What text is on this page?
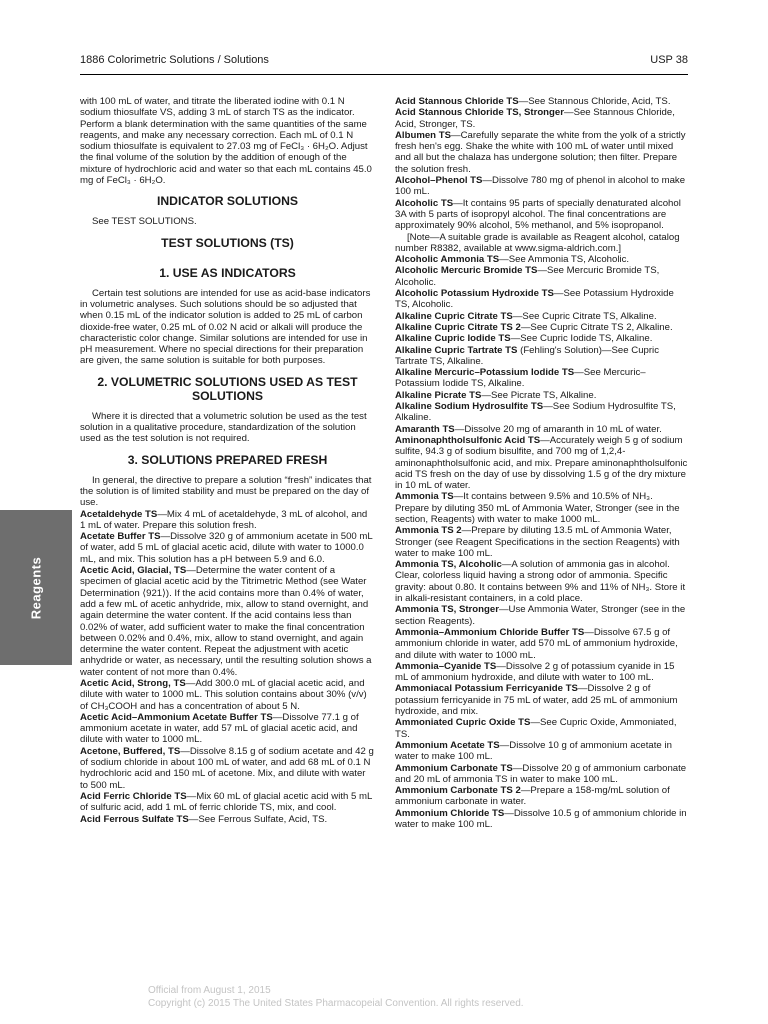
1886 Colorimetric Solutions / Solutions	USP 38

with 100 mL of water, and titrate the liberated iodine with 0.1 N sodium thiosulfate VS, adding 3 mL of starch TS as the indicator. Perform a blank determination with the same quantities of the same reagents, and make any necessary correction. Each mL of 0.1 N sodium thiosulfate is equivalent to 27.03 mg of FeCl₃ · 6H₂O. Adjust the final volume of the solution by the addition of enough of the mixture of hydrochloric acid and water so that each mL contains 45.0 mg of FeCl₃ · 6H₂O.

INDICATOR SOLUTIONS

See TEST SOLUTIONS.

TEST SOLUTIONS (TS)
1. USE AS INDICATORS

Certain test solutions are intended for use as acid-base indicators in volumetric analyses. Such solutions should be so adjusted that when 0.15 mL of the indicator solution is added to 25 mL of carbon dioxide-free water, 0.25 mL of 0.02 N acid or alkali will produce the characteristic color change. Similar solutions are intended for use in pH measurement. Where no special directions for their preparation are given, the same solution is suitable for both purposes.

2. VOLUMETRIC SOLUTIONS USED AS TEST SOLUTIONS

Where it is directed that a volumetric solution be used as the test solution in a qualitative procedure, standardization of the solution used as the test solution is not required.

3. SOLUTIONS PREPARED FRESH

In general, the directive to prepare a solution “fresh” indicates that the solution is of limited stability and must be prepared on the day of use.

Acetaldehyde TS—Mix 4 mL of acetaldehyde, 3 mL of alcohol, and 1 mL of water. Prepare this solution fresh.

Acetate Buffer TS—Dissolve 320 g of ammonium acetate in 500 mL of water, add 5 mL of glacial acetic acid, dilute with water to 1000.0 mL, and mix. This solution has a pH between 5.9 and 6.0.

Acetic Acid, Glacial, TS—Determine the water content of a specimen of glacial acetic acid by the Titrimetric Method (see Water Determination ⟨921⟩). If the acid contains more than 0.4% of water, add a few mL of acetic anhydride, mix, allow to stand overnight, and again determine the water content. If the acid contains less than 0.02% of water, add sufficient water to make the final concentration between 0.02% and 0.4%, mix, allow to stand overnight, and again determine the water content. Repeat the adjustment with acetic anhydride or water, as necessary, until the resulting solution shows a water content of not more than 0.4%.

Acetic Acid, Strong, TS—Add 300.0 mL of glacial acetic acid, and dilute with water to 1000 mL. This solution contains about 30% (v/v) of CH₃COOH and has a concentration of about 5 N.

Acetic Acid–Ammonium Acetate Buffer TS—Dissolve 77.1 g of ammonium acetate in water, add 57 mL of glacial acetic acid, and dilute with water to 1000 mL.

Acetone, Buffered, TS—Dissolve 8.15 g of sodium acetate and 42 g of sodium chloride in about 100 mL of water, and add 68 mL of 0.1 N hydrochloric acid and 150 mL of acetone. Mix, and dilute with water to 500 mL.

Acid Ferric Chloride TS—Mix 60 mL of glacial acetic acid with 5 mL of sulfuric acid, add 1 mL of ferric chloride TS, mix, and cool.

Acid Ferrous Sulfate TS—See Ferrous Sulfate, Acid, TS.

Acid Stannous Chloride TS—See Stannous Chloride, Acid, TS.

Acid Stannous Chloride TS, Stronger—See Stannous Chloride, Acid, Stronger, TS.

Albumen TS—Carefully separate the white from the yolk of a strictly fresh hen's egg. Shake the white with 100 mL of water until mixed and all but the chalaza has undergone solution; then filter. Prepare the solution fresh.

Alcohol–Phenol TS—Dissolve 780 mg of phenol in alcohol to make 100 mL.

Alcoholic TS—It contains 95 parts of specially denaturated alcohol 3A with 5 parts of isopropyl alcohol. The final concentrations are approximately 90% alcohol, 5% methanol, and 5% isopropanol.

[Note—A suitable grade is available as Reagent alcohol, catalog number R8382, available at www.sigma-aldrich.com.]

Alcoholic Ammonia TS—See Ammonia TS, Alcoholic.

Alcoholic Mercuric Bromide TS—See Mercuric Bromide TS, Alcoholic.

Alcoholic Potassium Hydroxide TS—See Potassium Hydroxide TS, Alcoholic.

Alkaline Cupric Citrate TS—See Cupric Citrate TS, Alkaline.

Alkaline Cupric Citrate TS 2—See Cupric Citrate TS 2, Alkaline.

Alkaline Cupric Iodide TS—See Cupric Iodide TS, Alkaline.

Alkaline Cupric Tartrate TS (Fehling's Solution)—See Cupric Tartrate TS, Alkaline.

Alkaline Mercuric–Potassium Iodide TS—See Mercuric–Potassium Iodide TS, Alkaline.

Alkaline Picrate TS—See Picrate TS, Alkaline.

Alkaline Sodium Hydrosulfite TS—See Sodium Hydrosulfite TS, Alkaline.

Amaranth TS—Dissolve 20 mg of amaranth in 10 mL of water.

Aminonaphtholsulfonic Acid TS—Accurately weigh 5 g of sodium sulfite, 94.3 g of sodium bisulfite, and 700 mg of 1,2,4-aminonaphtholsulfonic acid, and mix. Prepare aminonaphtholsulfonic acid TS fresh on the day of use by dissolving 1.5 g of the dry mixture in 10 mL of water.

Ammonia TS—It contains between 9.5% and 10.5% of NH₃. Prepare by diluting 350 mL of Ammonia Water, Stronger (see in the section, Reagents) with water to make 1000 mL.

Ammonia TS 2—Prepare by diluting 13.5 mL of Ammonia Water, Stronger (see Reagent Specifications in the section Reagents) with water to make 100 mL.

Ammonia TS, Alcoholic—A solution of ammonia gas in alcohol. Clear, colorless liquid having a strong odor of ammonia. Specific gravity: about 0.80. It contains between 9% and 11% of NH₃. Store it in alkali-resistant containers, in a cold place.

Ammonia TS, Stronger—Use Ammonia Water, Stronger (see in the section Reagents).

Ammonia–Ammonium Chloride Buffer TS—Dissolve 67.5 g of ammonium chloride in water, add 570 mL of ammonium hydroxide, and dilute with water to 1000 mL.

Ammonia–Cyanide TS—Dissolve 2 g of potassium cyanide in 15 mL of ammonium hydroxide, and dilute with water to 100 mL.

Ammoniacal Potassium Ferricyanide TS—Dissolve 2 g of potassium ferricyanide in 75 mL of water, add 25 mL of ammonium hydroxide, and mix.

Ammoniated Cupric Oxide TS—See Cupric Oxide, Ammoniated, TS.

Ammonium Acetate TS—Dissolve 10 g of ammonium acetate in water to make 100 mL.

Ammonium Carbonate TS—Dissolve 20 g of ammonium carbonate and 20 mL of ammonia TS in water to make 100 mL.

Ammonium Carbonate TS 2—Prepare a 158-mg/mL solution of ammonium carbonate in water.

Ammonium Chloride TS—Dissolve 10.5 g of ammonium chloride in water to make 100 mL.

Reagents
Official from August 1, 2015
Copyright (c) 2015 The United States Pharmacopeial Convention. All rights reserved.
